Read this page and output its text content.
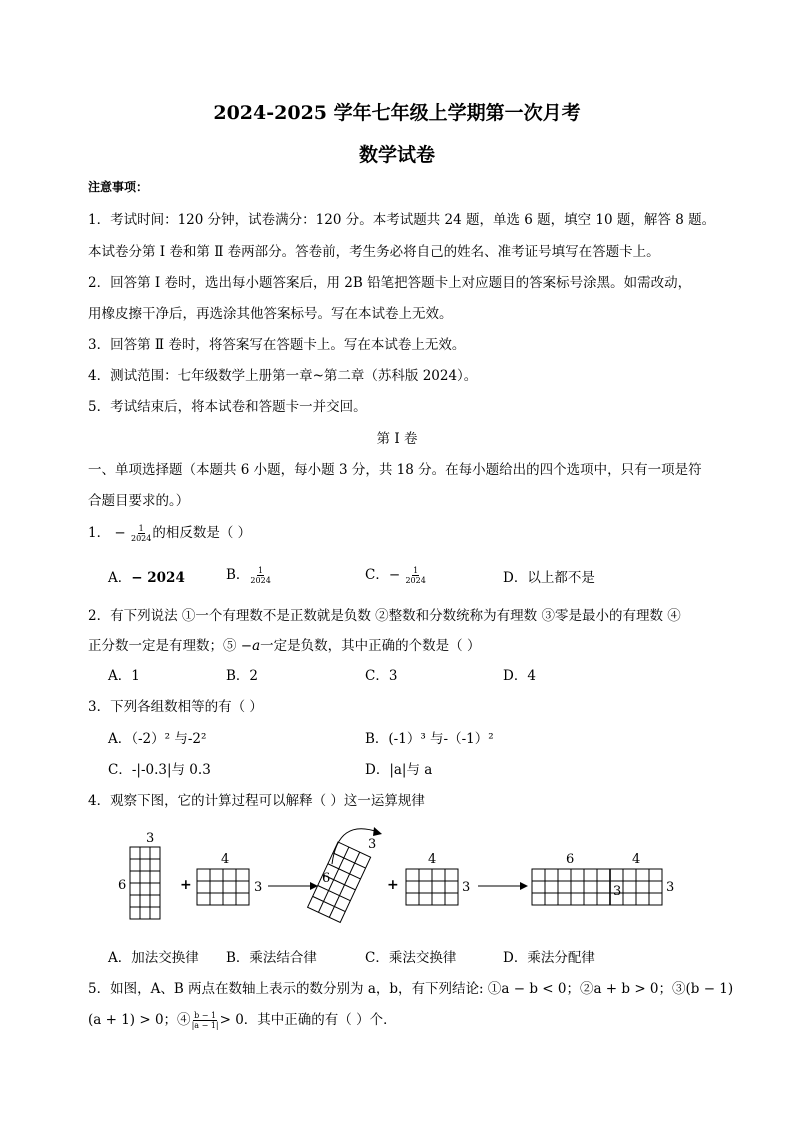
2024-2025 学年七年级上学期第一次月考
数学试卷
注意事项：
1．考试时间：120 分钟，试卷满分：120 分。本考试题共 24 题，单选 6 题，填空 10 题，解答 8 题。
本试卷分第 Ⅰ 卷和第 Ⅱ 卷两部分。答卷前，考生务必将自己的姓名、准考证号填写在答题卡上。
2．回答第 Ⅰ 卷时，选出每小题答案后，用 2B 铅笔把答题卡上对应题目的答案标号涂黑。如需改动，
用橡皮擦干净后，再选涂其他答案标号。写在本试卷上无效。
3．回答第 Ⅱ 卷时，将答案写在答题卡上。写在本试卷上无效。
4．测试范围：七年级数学上册第一章~第二章（苏科版 2024）。
5．考试结束后，将本试卷和答题卡一并交回。
第 Ⅰ 卷
一、单项选择题（本题共 6 小题，每小题 3 分，共 18 分。在每小题给出的四个选项中，只有一项是符
合题目要求的。）
1． − $\frac{1}{2024}$ 的相反数是（ ）
A．− 2024	B． $\frac{1}{2024}$	C．− $\frac{1}{2024}$	D．以上都不是
2．有下列说法 ①一个有理数不是正数就是负数 ②整数和分数统称为有理数 ③零是最小的有理数 ④
正分数一定是有理数；⑤ −a一定是负数，其中正确的个数是（ ）
A．1	B．2	C．3	D．4
3．下列各组数相等的有（ ）
A．（-2）² 与-2²	B．(-1）³ 与-（-1）²
C．-|-0.3|与 0.3	D．|a|与 a
4．观察下图，它的计算过程可以解释（ ）这一运算规律
3
6	+
4
3
3
6	+
4
3
6	4
3	3
A．加法交换律 B．乘法结合律	C．乘法交换律	D．乘法分配律
5．如图，A、B 两点在数轴上表示的数分别为 a，b，有下列结论: ①a − b < 0；②a + b > 0；③(b − 1)
(a + 1) > 0；④ $\frac{b - 1}{|a - 1|} > 0$．其中正确的有（ ）个．
